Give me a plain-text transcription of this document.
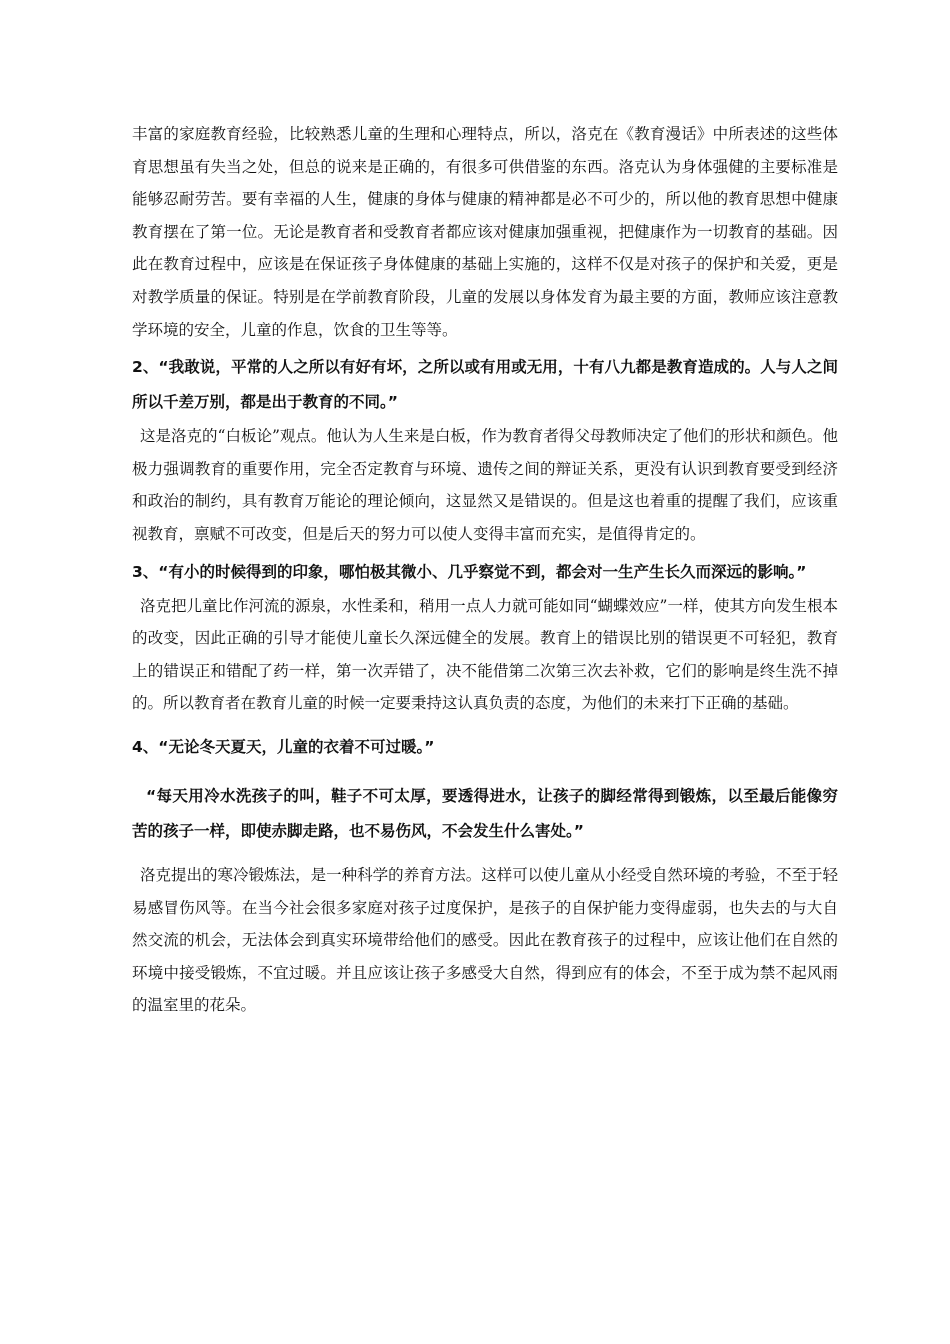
丰富的家庭教育经验，比较熟悉儿童的生理和心理特点，所以，洛克在《教育漫话》中所表述的这些体育思想虽有失当之处，但总的说来是正确的，有很多可供借鉴的东西。洛克认为身体强健的主要标准是能够忍耐劳苦。要有幸福的人生，健康的身体与健康的精神都是必不可少的，所以他的教育思想中健康教育摆在了第一位。无论是教育者和受教育者都应该对健康加强重视，把健康作为一切教育的基础。因此在教育过程中，应该是在保证孩子身体健康的基础上实施的，这样不仅是对孩子的保护和关爱，更是对教学质量的保证。特别是在学前教育阶段，儿童的发展以身体发育为最主要的方面，教师应该注意教学环境的安全，儿童的作息，饮食的卫生等等。

2、“我敢说，平常的人之所以有好有坏，之所以或有用或无用，十有八九都是教育造成的。人与人之间所以千差万别，都是出于教育的不同。”

这是洛克的“白板论”观点。他认为人生来是白板，作为教育者得父母教师决定了他们的形状和颜色。他极力强调教育的重要作用，完全否定教育与环境、遗传之间的辩证关系，更没有认识到教育要受到经济和政治的制约，具有教育万能论的理论倾向，这显然又是错误的。但是这也着重的提醒了我们，应该重视教育，禀赋不可改变，但是后天的努力可以使人变得丰富而充实，是值得肯定的。

3、“有小的时候得到的印象，哪怕极其微小、几乎察觉不到，都会对一生产生长久而深远的影响。”

洛克把儿童比作河流的源泉，水性柔和，稍用一点人力就可能如同“蝴蝶效应”一样，使其方向发生根本的改变，因此正确的引导才能使儿童长久深远健全的发展。教育上的错误比别的错误更不可轻犯，教育上的错误正和错配了药一样，第一次弄错了，决不能借第二次第三次去补救，它们的影响是终生洗不掉的。所以教育者在教育儿童的时候一定要秉持这认真负责的态度，为他们的未来打下正确的基础。

4、“无论冬天夏天，儿童的衣着不可过暖。”

“每天用冷水洗孩子的叫，鞋子不可太厚，要透得进水，让孩子的脚经常得到锻炼，以至最后能像穷苦的孩子一样，即使赤脚走路，也不易伤风，不会发生什么害处。”

洛克提出的寒冷锻炼法，是一种科学的养育方法。这样可以使儿童从小经受自然环境的考验，不至于轻易感冒伤风等。在当今社会很多家庭对孩子过度保护，是孩子的自保护能力变得虚弱，也失去的与大自然交流的机会，无法体会到真实环境带给他们的感受。因此在教育孩子的过程中，应该让他们在自然的环境中接受锻炼，不宜过暖。并且应该让孩子多感受大自然，得到应有的体会，不至于成为禁不起风雨的温室里的花朵。
